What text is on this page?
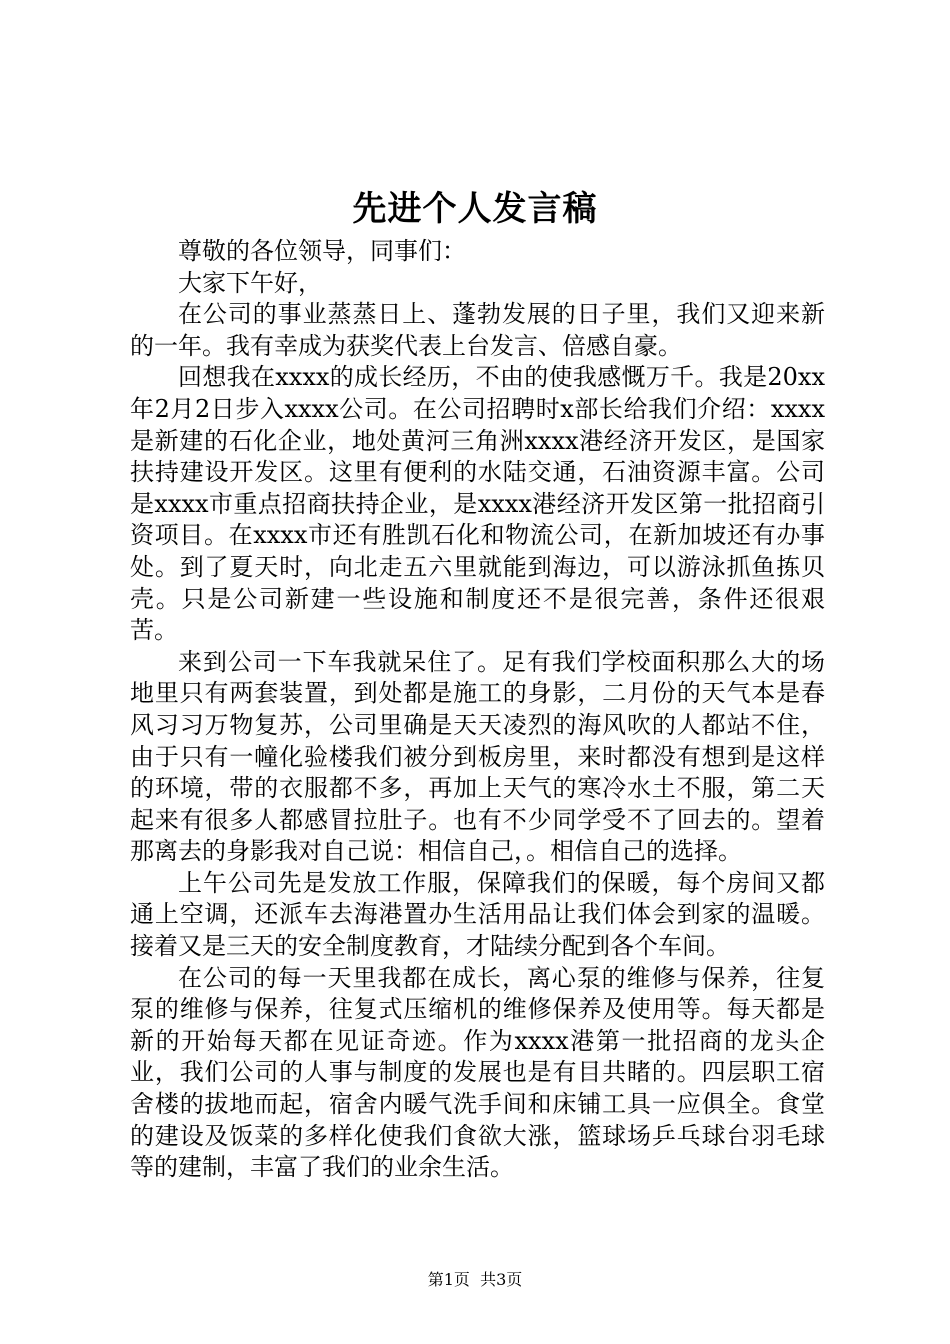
先进个人发言稿

尊敬的各位领导，同事们：

大家下午好，

在公司的事业蒸蒸日上、蓬勃发展的日子里，我们又迎来新的一年。我有幸成为获奖代表上台发言、倍感自豪。

回想我在xxxx的成长经历，不由的使我感慨万千。我是20xx年2月2日步入xxxx公司。在公司招聘时x部长给我们介绍：xxxx是新建的石化企业，地处黄河三角洲xxxx港经济开发区，是国家扶持建设开发区。这里有便利的水陆交通，石油资源丰富。公司是xxxx市重点招商扶持企业，是xxxx港经济开发区第一批招商引资项目。在xxxx市还有胜凯石化和物流公司，在新加坡还有办事处。到了夏天时，向北走五六里就能到海边，可以游泳抓鱼拣贝壳。只是公司新建一些设施和制度还不是很完善，条件还很艰苦。

来到公司一下车我就呆住了。足有我们学校面积那么大的场地里只有两套装置，到处都是施工的身影，二月份的天气本是春风习习万物复苏，公司里确是天天凌烈的海风吹的人都站不住，由于只有一幢化验楼我们被分到板房里，来时都没有想到是这样的环境，带的衣服都不多，再加上天气的寒冷水土不服，第二天起来有很多人都感冒拉肚子。也有不少同学受不了回去的。望着那离去的身影我对自己说：相信自己，。相信自己的选择。

上午公司先是发放工作服，保障我们的保暖，每个房间又都通上空调，还派车去海港置办生活用品让我们体会到家的温暖。接着又是三天的安全制度教育，才陆续分配到各个车间。

在公司的每一天里我都在成长，离心泵的维修与保养，往复泵的维修与保养，往复式压缩机的维修保养及使用等。每天都是新的开始每天都在见证奇迹。作为xxxx港第一批招商的龙头企业，我们公司的人事与制度的发展也是有目共睹的。四层职工宿舍楼的拔地而起，宿舍内暖气洗手间和床铺工具一应俱全。食堂的建设及饭菜的多样化使我们食欲大涨，篮球场乒乓球台羽毛球等的建制，丰富了我们的业余生活。

第1页 共3页
